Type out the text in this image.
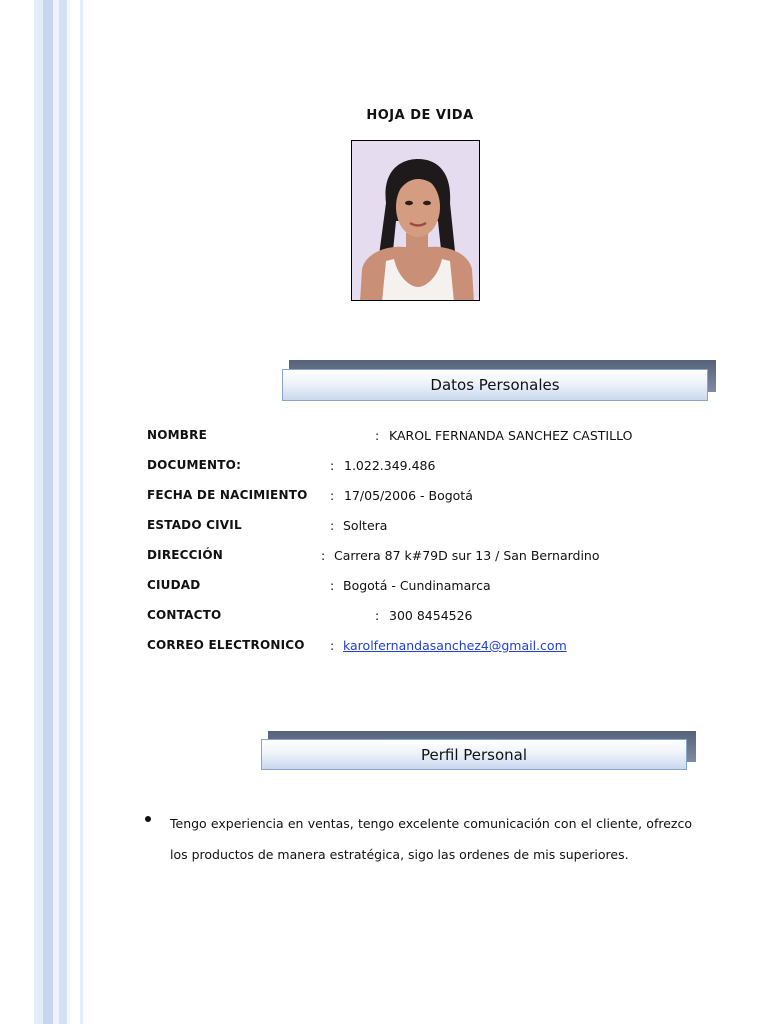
HOJA DE VIDA
Datos Personales
NOMBRE	: KAROL FERNANDA SANCHEZ CASTILLO
DOCUMENTO:	: 1.022.349.486
FECHA DE NACIMIENTO : 17/05/2006 - Bogotá
ESTADO CIVIL	: Soltera
DIRECCIÓN	: Carrera 87 k#79D sur 13 / San Bernardino
CIUDAD	: Bogotá - Cundinamarca
CONTACTO	: 300 8454526
CORREO ELECTRONICO : karolfernandasanchez4@gmail.com
Perfil Personal

Tengo experiencia en ventas, tengo excelente comunicación con el cliente, ofrezco los productos de manera estratégica, sigo las ordenes de mis superiores.
